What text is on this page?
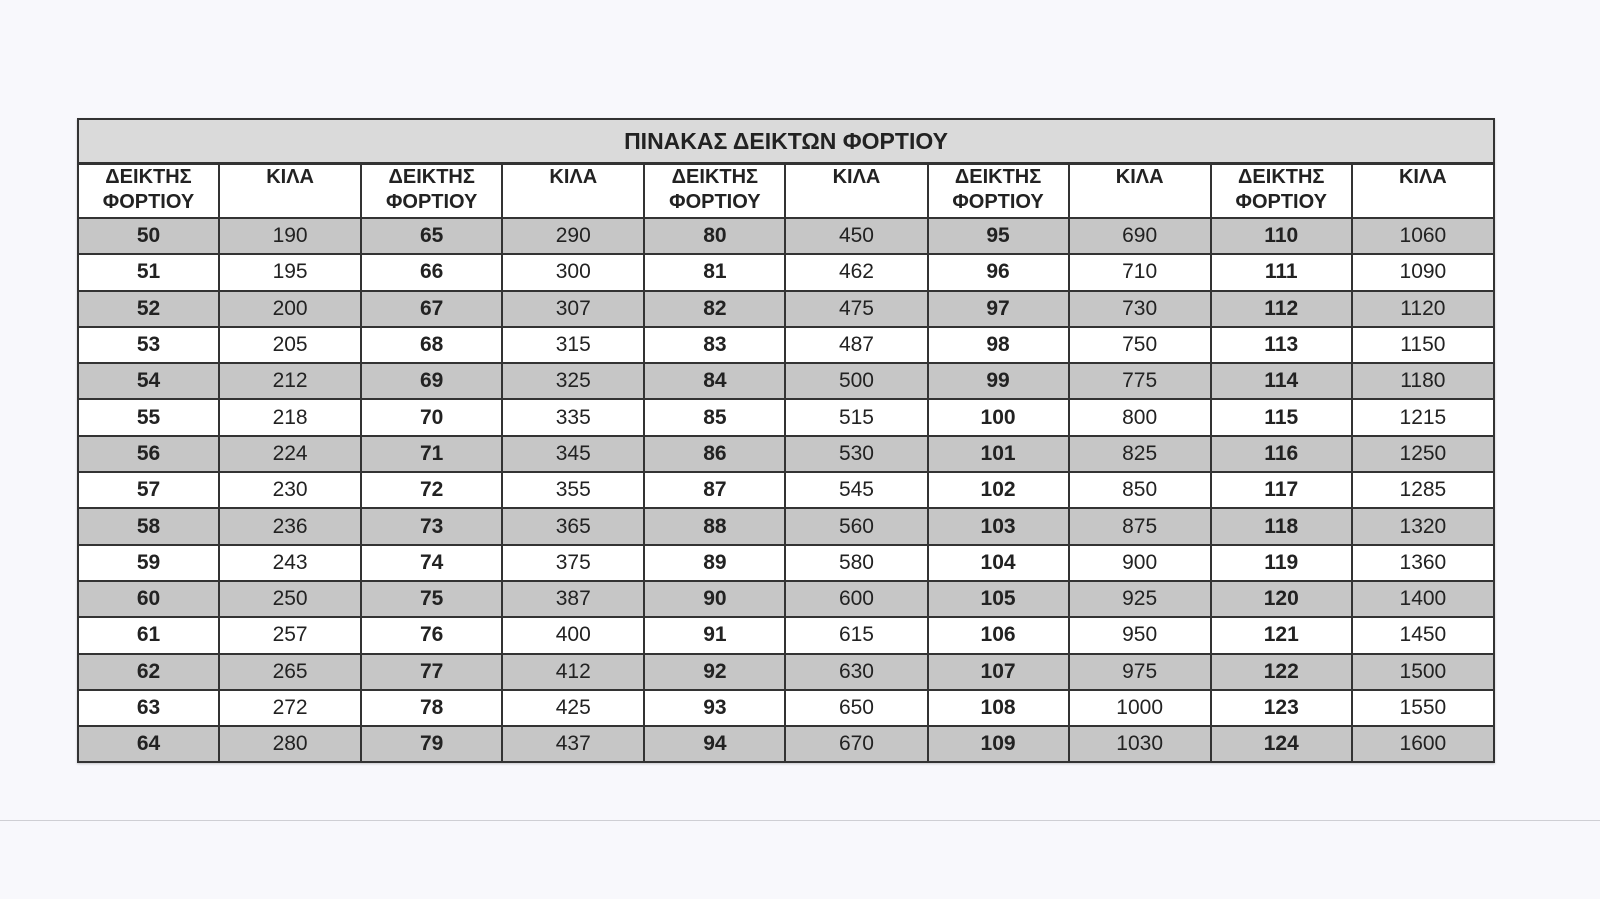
ΠΙΝΑΚΑΣ ΔΕΙΚΤΩΝ ΦΟΡΤΙΟΥ									
ΔΕΙΚΤΗΣ
ΦΟΡΤΙΟΥ	ΚΙΛΑ	ΔΕΙΚΤΗΣ
ΦΟΡΤΙΟΥ	ΚΙΛΑ	ΔΕΙΚΤΗΣ
ΦΟΡΤΙΟΥ	ΚΙΛΑ	ΔΕΙΚΤΗΣ
ΦΟΡΤΙΟΥ	ΚΙΛΑ	ΔΕΙΚΤΗΣ
ΦΟΡΤΙΟΥ	ΚΙΛΑ
50	190	65	290	80	450	95	690	110	1060
51	195	66	300	81	462	96	710	111	1090
52	200	67	307	82	475	97	730	112	1120
53	205	68	315	83	487	98	750	113	1150
54	212	69	325	84	500	99	775	114	1180
55	218	70	335	85	515	100	800	115	1215
56	224	71	345	86	530	101	825	116	1250
57	230	72	355	87	545	102	850	117	1285
58	236	73	365	88	560	103	875	118	1320
59	243	74	375	89	580	104	900	119	1360
60	250	75	387	90	600	105	925	120	1400
61	257	76	400	91	615	106	950	121	1450
62	265	77	412	92	630	107	975	122	1500
63	272	78	425	93	650	108	1000	123	1550
64	280	79	437	94	670	109	1030	124	1600
